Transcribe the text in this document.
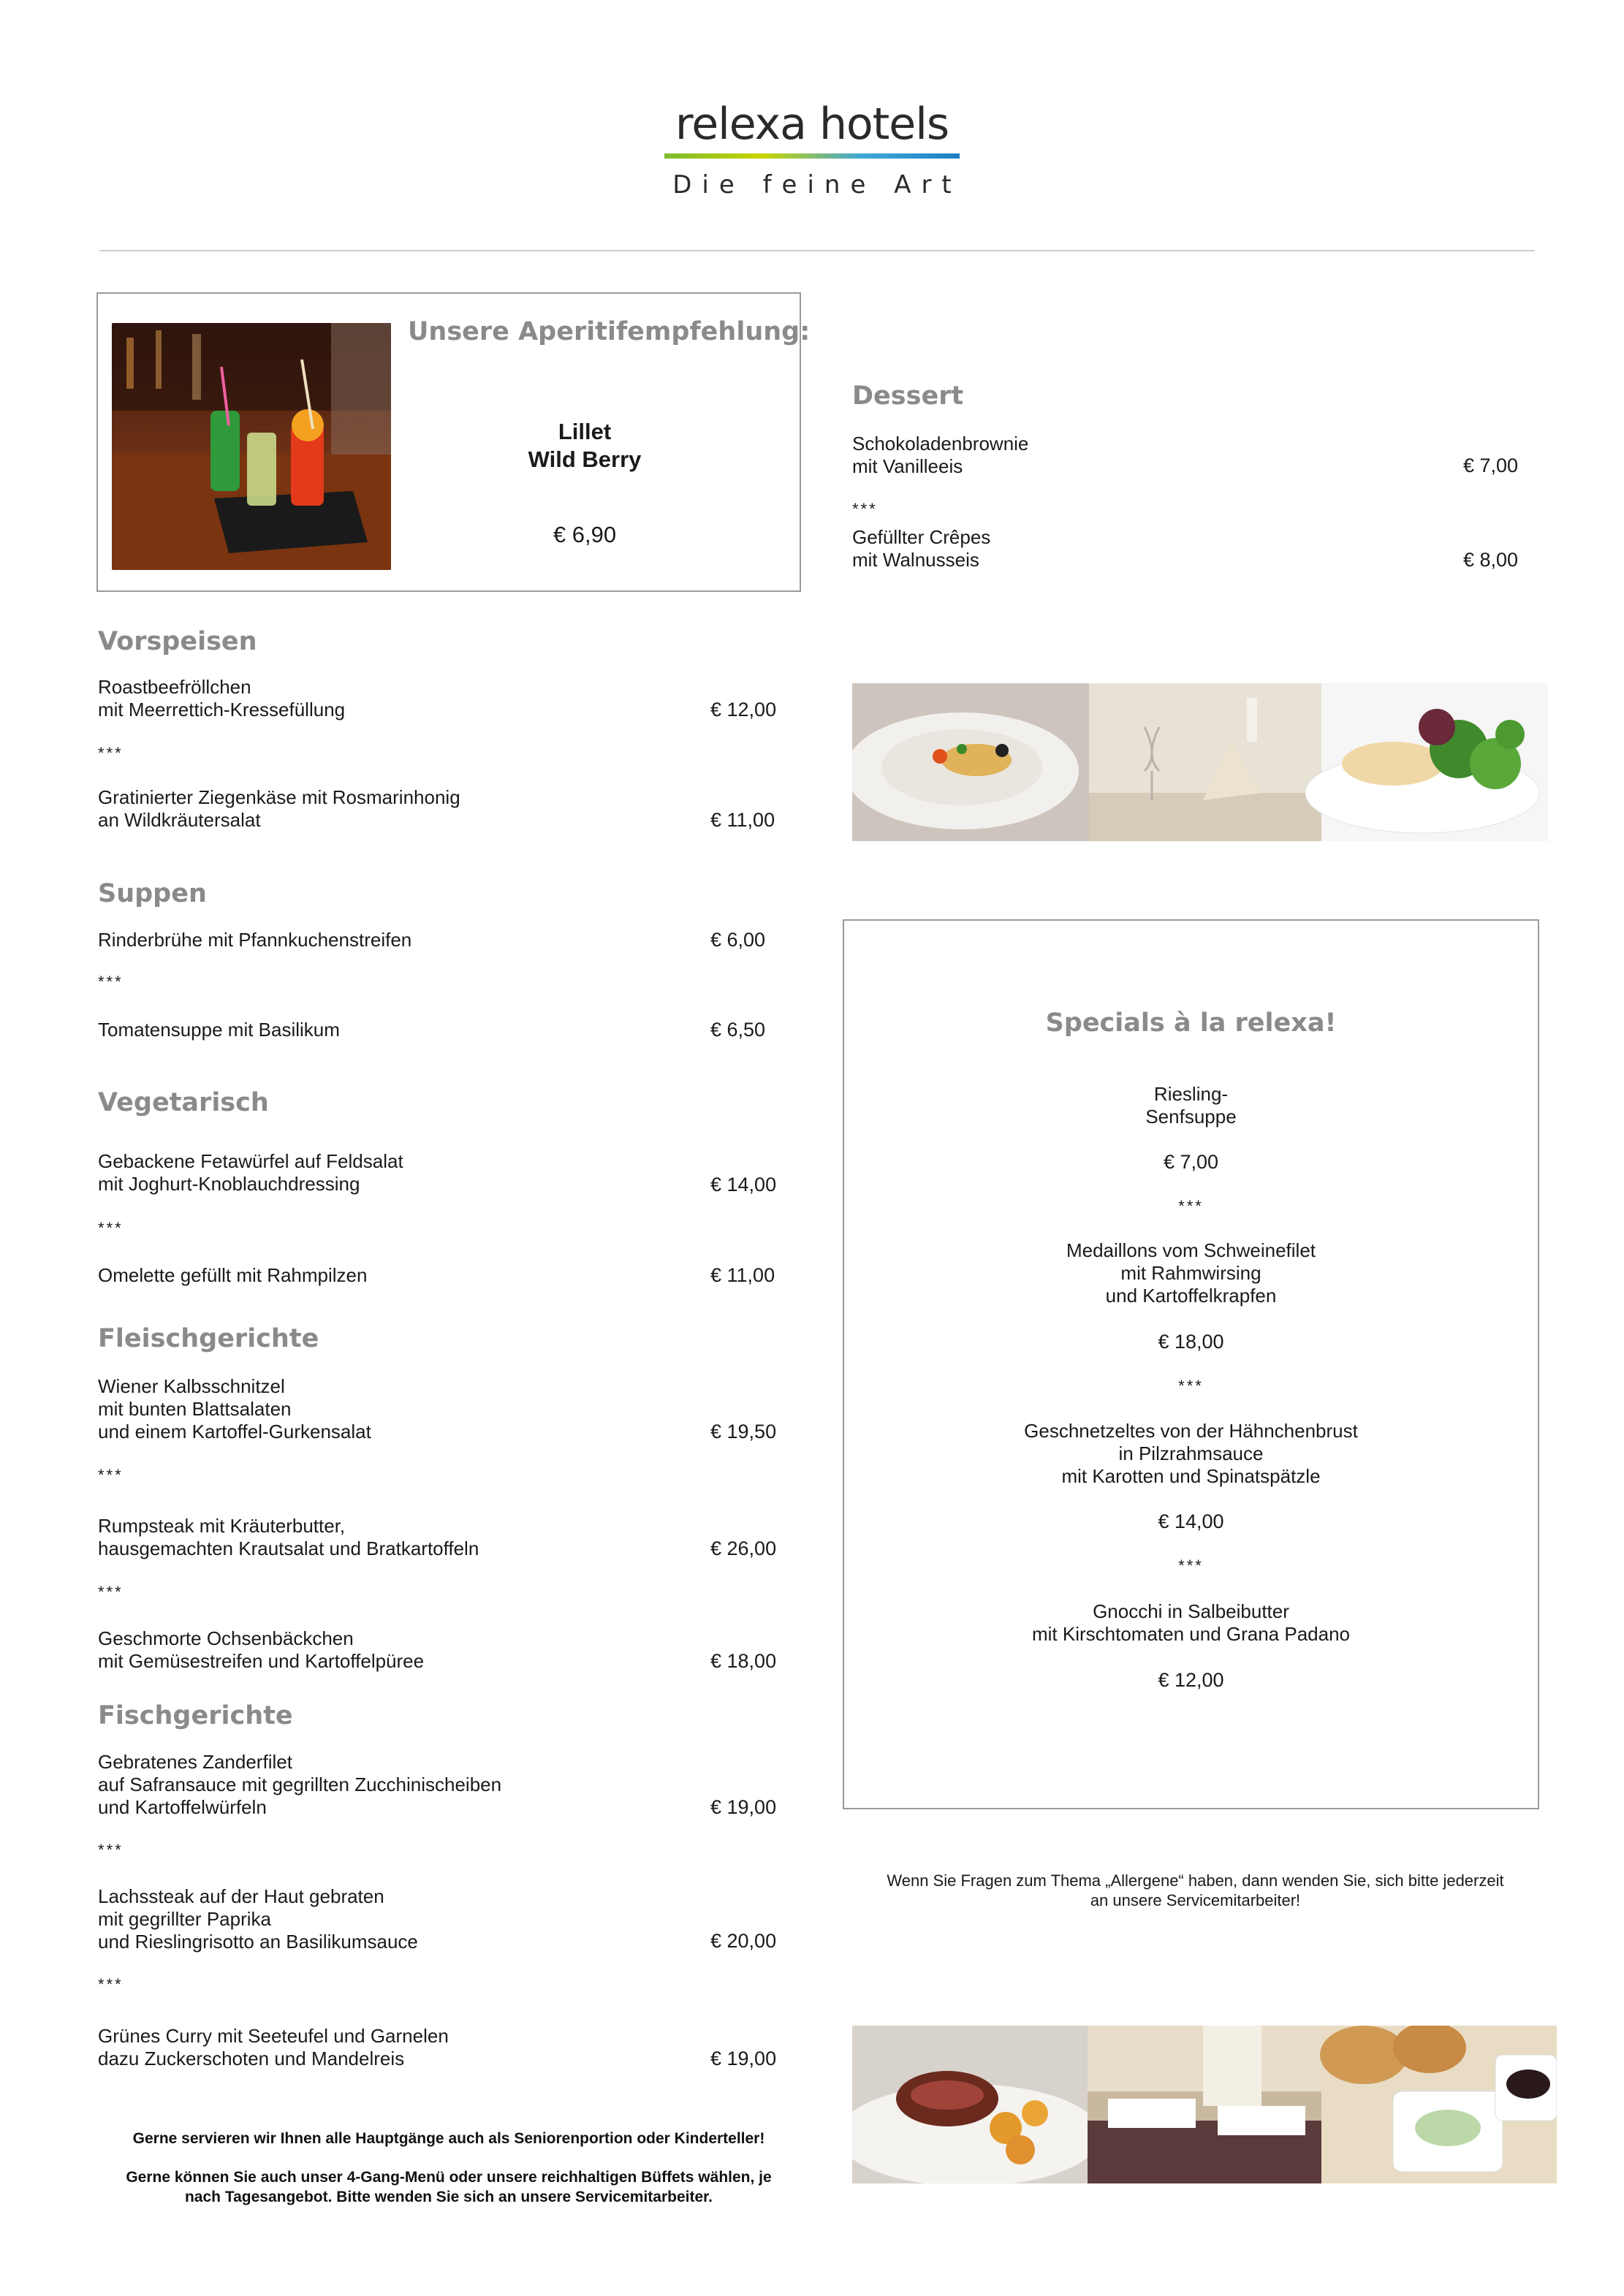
relexa hotels
Die feine Art
Unsere Aperitifempfehlung:
Lillet
Wild Berry
€ 6,90
Dessert
Schokoladenbrownie
mit Vanilleeis	€ 7,00
***
Gefüllter Crêpes
mit Walnusseis	€ 8,00
Vorspeisen
Roastbeefröllchen
mit Meerrettich-Kressefüllung	€ 12,00
***
Gratinierter Ziegenkäse mit Rosmarinhonig
an Wildkräutersalat	€ 11,00
Suppen
Rinderbrühe mit Pfannkuchenstreifen	€ 6,00
***
Tomatensuppe mit Basilikum	€ 6,50
Vegetarisch
Gebackene Fetawürfel auf Feldsalat
mit Joghurt-Knoblauchdressing	€ 14,00
***
Omelette gefüllt mit Rahmpilzen	€ 11,00
Fleischgerichte
Wiener Kalbsschnitzel
mit bunten Blattsalaten
und einem Kartoffel-Gurkensalat	€ 19,50
***
Rumpsteak mit Kräuterbutter,
hausgemachten Krautsalat und Bratkartoffeln	€ 26,00
***
Geschmorte Ochsenbäckchen
mit Gemüsestreifen und Kartoffelpüree	€ 18,00
Fischgerichte
Gebratenes Zanderfilet
auf Safransauce mit gegrillten Zucchinischeiben
und Kartoffelwürfeln	€ 19,00
***
Lachssteak auf der Haut gebraten
mit gegrillter Paprika
und Rieslingrisotto an Basilikumsauce	€ 20,00
***
Grünes Curry mit Seeteufel und Garnelen
dazu Zuckerschoten und Mandelreis	€ 19,00
Gerne servieren wir Ihnen alle Hauptgänge auch als Seniorenportion oder Kinderteller!
Gerne können Sie auch unser 4-Gang-Menü oder unsere reichhaltigen Büffets wählen, je
nach Tagesangebot. Bitte wenden Sie sich an unsere Servicemitarbeiter.
Specials à la relexa!
Riesling-
Senfsuppe
€ 7,00
***
Medaillons vom Schweinefilet
mit Rahmwirsing
und Kartoffelkrapfen
€ 18,00
***
Geschnetzeltes von der Hähnchenbrust
in Pilzrahmsauce
mit Karotten und Spinatspätzle
€ 14,00
***
Gnocchi in Salbeibutter
mit Kirschtomaten und Grana Padano
€ 12,00
Wenn Sie Fragen zum Thema „Allergene“ haben, dann wenden Sie, sich bitte jederzeit
an unsere Servicemitarbeiter!
